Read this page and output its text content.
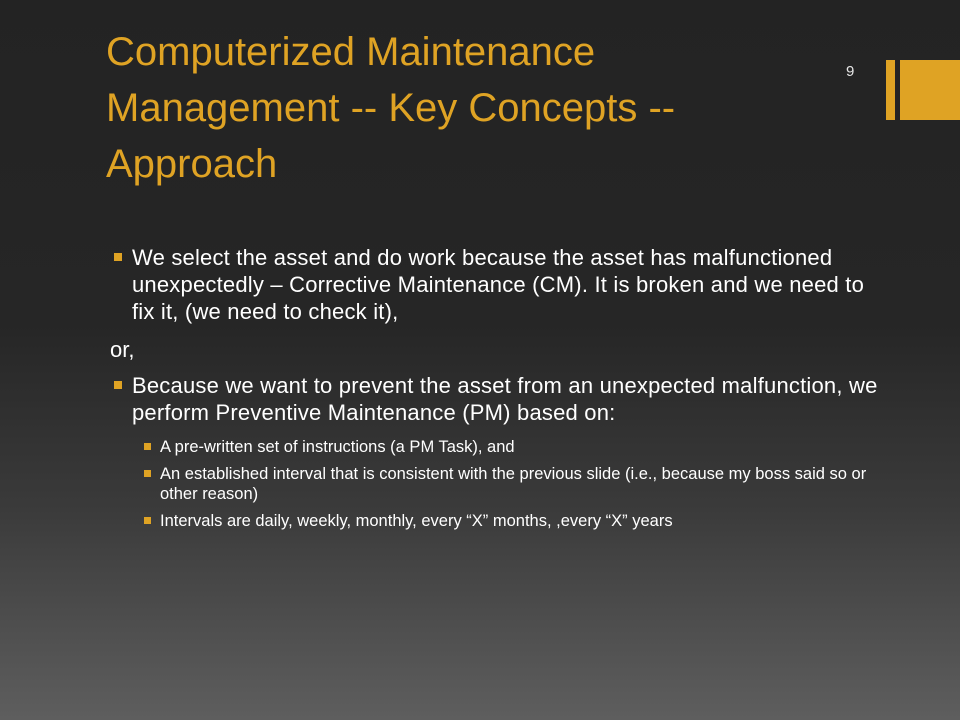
Computerized Maintenance Management -- Key Concepts -- Approach
9
We select the asset and do work because the asset has malfunctioned unexpectedly – Corrective Maintenance (CM). It is broken and we need to fix it, (we need to check it),
or,
Because we want to prevent the asset from an unexpected malfunction, we perform Preventive Maintenance (PM) based on:
A pre-written set of instructions (a PM Task), and
An established interval that is consistent with the previous slide (i.e., because my boss said so or other reason)
Intervals are daily, weekly, monthly, every “X” months, ,every “X” years
